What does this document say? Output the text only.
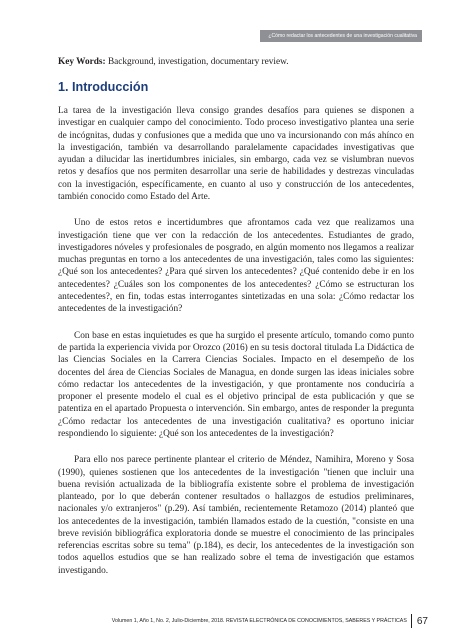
¿Cómo redactar los antecedentes de una investigación cualitativa

Key Words: Background, investigation, documentary review.

1. Introducción

La tarea de la investigación lleva consigo grandes desafíos para quienes se disponen a investigar en cualquier campo del conocimiento. Todo proceso investigativo plantea una serie de incógnitas, dudas y confusiones que a medida que uno va incursionando con más ahínco en la investigación, también va desarrollando paralelamente capacidades investigativas que ayudan a dilucidar las inertidumbres iniciales, sin embargo, cada vez se vislumbran nuevos retos y desafíos que nos permiten desarrollar una serie de habilidades y destrezas vinculadas con la investigación, específicamente, en cuanto al uso y construcción de los antecedentes, también conocido como Estado del Arte.

Uno de estos retos e incertidumbres que afrontamos cada vez que realizamos una investigación tiene que ver con la redacción de los antecedentes. Estudiantes de grado, investigadores nóveles y profesionales de posgrado, en algún momento nos llegamos a realizar muchas preguntas en torno a los antecedentes de una investigación, tales como las siguientes: ¿Qué son los antecedentes? ¿Para qué sirven los antecedentes? ¿Qué contenido debe ir en los antecedentes? ¿Cuáles son los componentes de los antecedentes? ¿Cómo se estructuran los antecedentes?, en fin, todas estas interrogantes sintetizadas en una sola: ¿Cómo redactar los antecedentes de la investigación?

Con base en estas inquietudes es que ha surgido el presente artículo, tomando como punto de partida la experiencia vivida por Orozco (2016) en su tesis doctoral titulada La Didáctica de las Ciencias Sociales en la Carrera Ciencias Sociales. Impacto en el desempeño de los docentes del área de Ciencias Sociales de Managua, en donde surgen las ideas iniciales sobre cómo redactar los antecedentes de la investigación, y que prontamente nos conduciría a proponer el presente modelo el cual es el objetivo principal de esta publicación y que se patentiza en el apartado Propuesta o intervención. Sin embargo, antes de responder la pregunta ¿Cómo redactar los antecedentes de una investigación cualitativa? es oportuno iniciar respondiendo lo siguiente: ¿Qué son los antecedentes de la investigación?

Para ello nos parece pertinente plantear el criterio de Méndez, Namihira, Moreno y Sosa (1990), quienes sostienen que los antecedentes de la investigación "tienen que incluir una buena revisión actualizada de la bibliografía existente sobre el problema de investigación planteado, por lo que deberán contener resultados o hallazgos de estudios preliminares, nacionales y/o extranjeros" (p.29). Así también, recientemente Retamozo (2014) planteó que los antecedentes de la investigación, también llamados estado de la cuestión, "consiste en una breve revisión bibliográfica exploratoria donde se muestre el conocimiento de las principales referencias escritas sobre su tema" (p.184), es decir, los antecedentes de la investigación son todos aquellos estudios que se han realizado sobre el tema de investigación que estamos investigando.

Volumen 1, Año 1, No. 2, Julio-Diciembre, 2018. REVISTA ELECTRÓNICA DE CONOCIMIENTOS, SABERES Y PRÁCTICAS 67
